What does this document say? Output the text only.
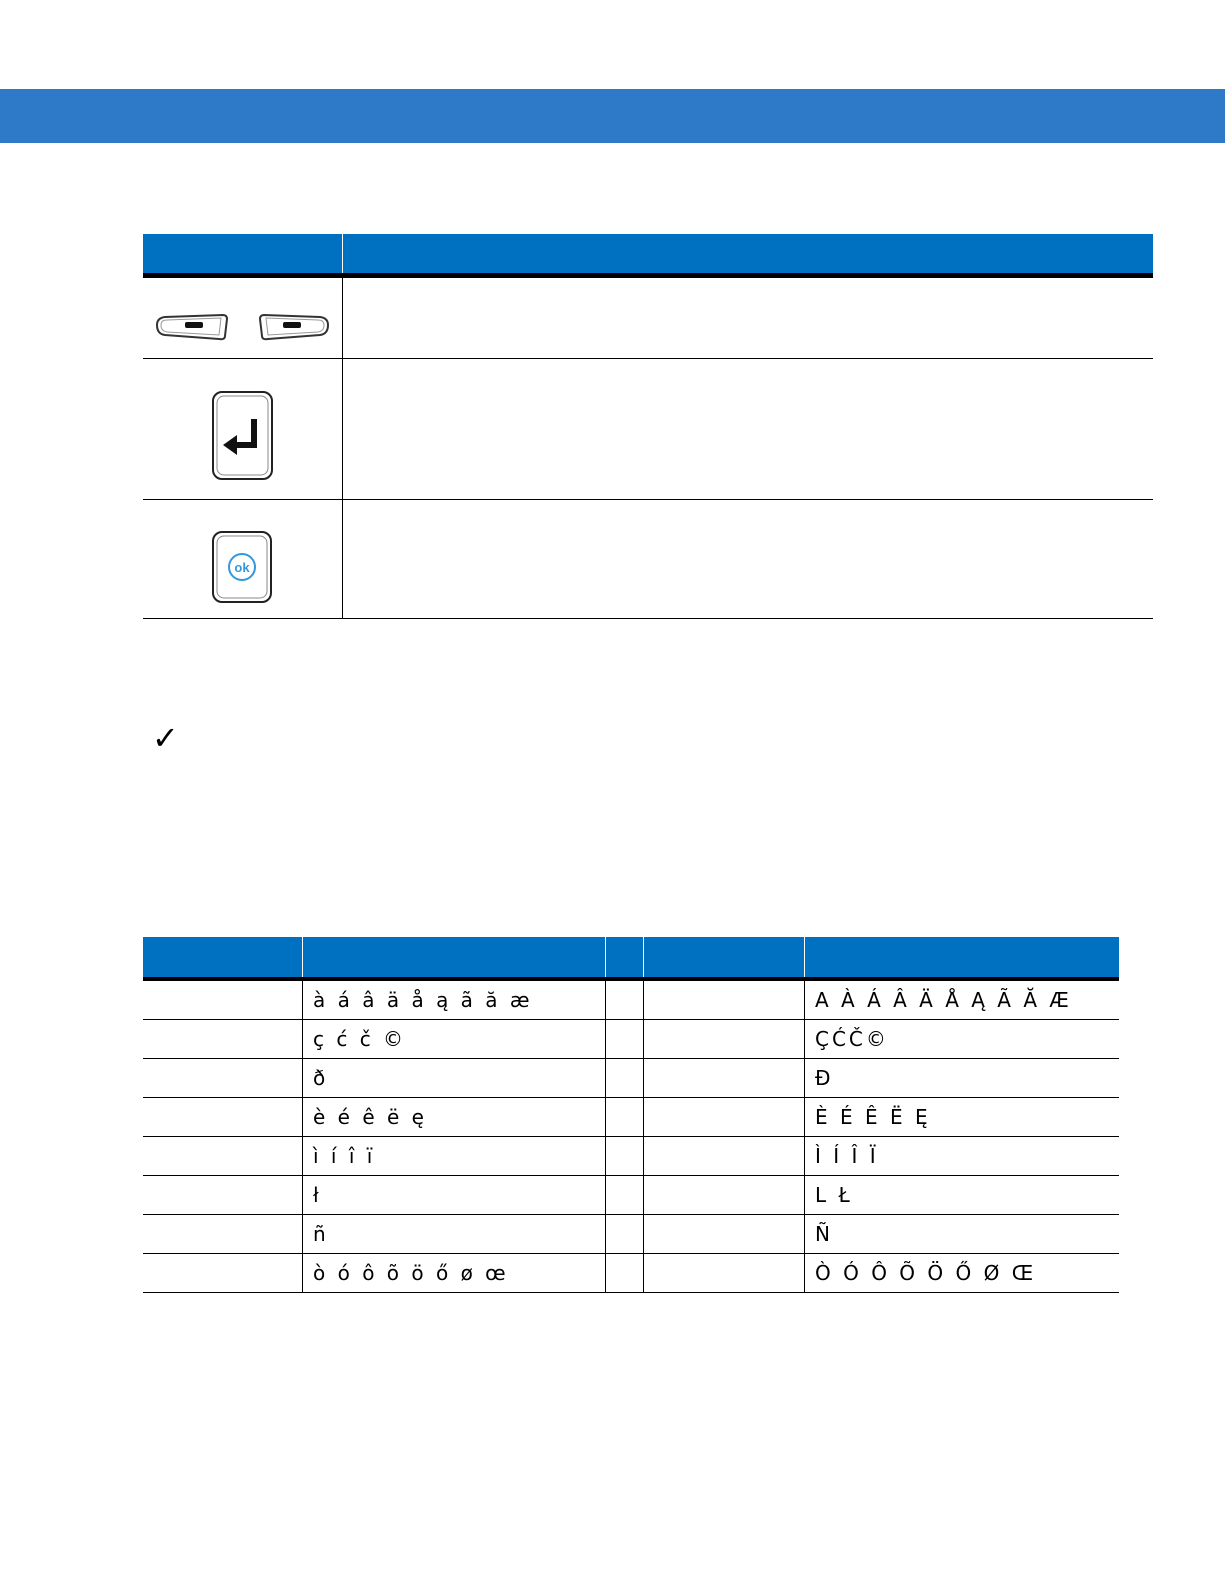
ok	

✓

	à á â ä å ą ã ă æ			A À Á Â Ä Å Ą Ã Ă Æ
	ç ć č ©			ÇĆČ©
	ð			Đ
	è é ê ë ę			È É Ê Ë Ę
	ì í î ï			Ì Í Î Ï
	ł			L Ł
	ñ			Ñ
	ò ó ô õ ö ő ø œ			Ò Ó Ô Õ Ö Ő Ø Œ
